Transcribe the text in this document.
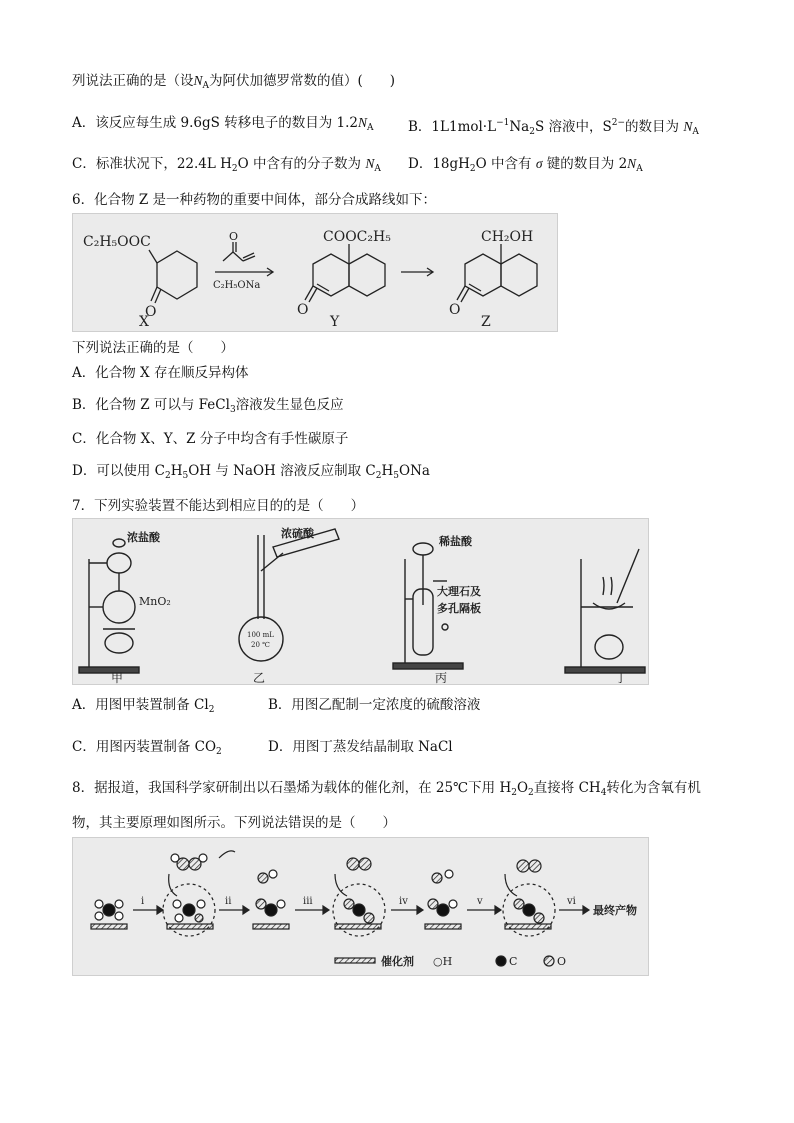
列说法正确的是（设$N_A$为阿伏加德罗常数的值）(　　)
A．该反应每生成 9.6gS 转移电子的数目为 $1.2N_A$	B．$1L1mol\cdot L^{-1}Na_2S$ 溶液中，$S^{2-}$的数目为 $N_A$
C．标准状况下，22.4L $H_2O$ 中含有的分子数为 $N_A$ D．$18gH_2O$ 中含有 σ 键的数目为 $2N_A$
6．化合物 Z 是一种药物的重要中间体，部分合成路线如下：
C₂H₅OOC
O
X
O
C₂H₅ONa
COOC₂H₅
O
Y
CH₂OH
O
Z
下列说法正确的是（　　）
A．化合物 X 存在顺反异构体
B．化合物 Z 可以与 FeCl$_3$溶液发生显色反应
C．化合物 X、Y、Z 分子中均含有手性碳原子
D．可以使用 $C_2H_5OH$ 与 NaOH 溶液反应制取 $C_2H_5ONa$
7．下列实验装置不能达到相应目的的是（　　）
浓盐酸
MnO₂
浓硫酸
100 mL
20 ℃
稀盐酸
大理石及
多孔隔板
甲	乙	丙	丁
A．用图甲装置制备 $Cl_2$	B．用图乙配制一定浓度的硫酸溶液
C．用图丙装置制备 $CO_2$	D．用图丁蒸发结晶制取 NaCl
8．据报道，我国科学家研制出以石墨烯为载体的催化剂，在 25℃下用 $H_2O_2$直接将 $CH_4$转化为含氧有机
物，其主要原理如图所示。下列说法错误的是（　　）
i	ii	iii	iv	v	vi
最终产物
催化剂 ○H	C	O
